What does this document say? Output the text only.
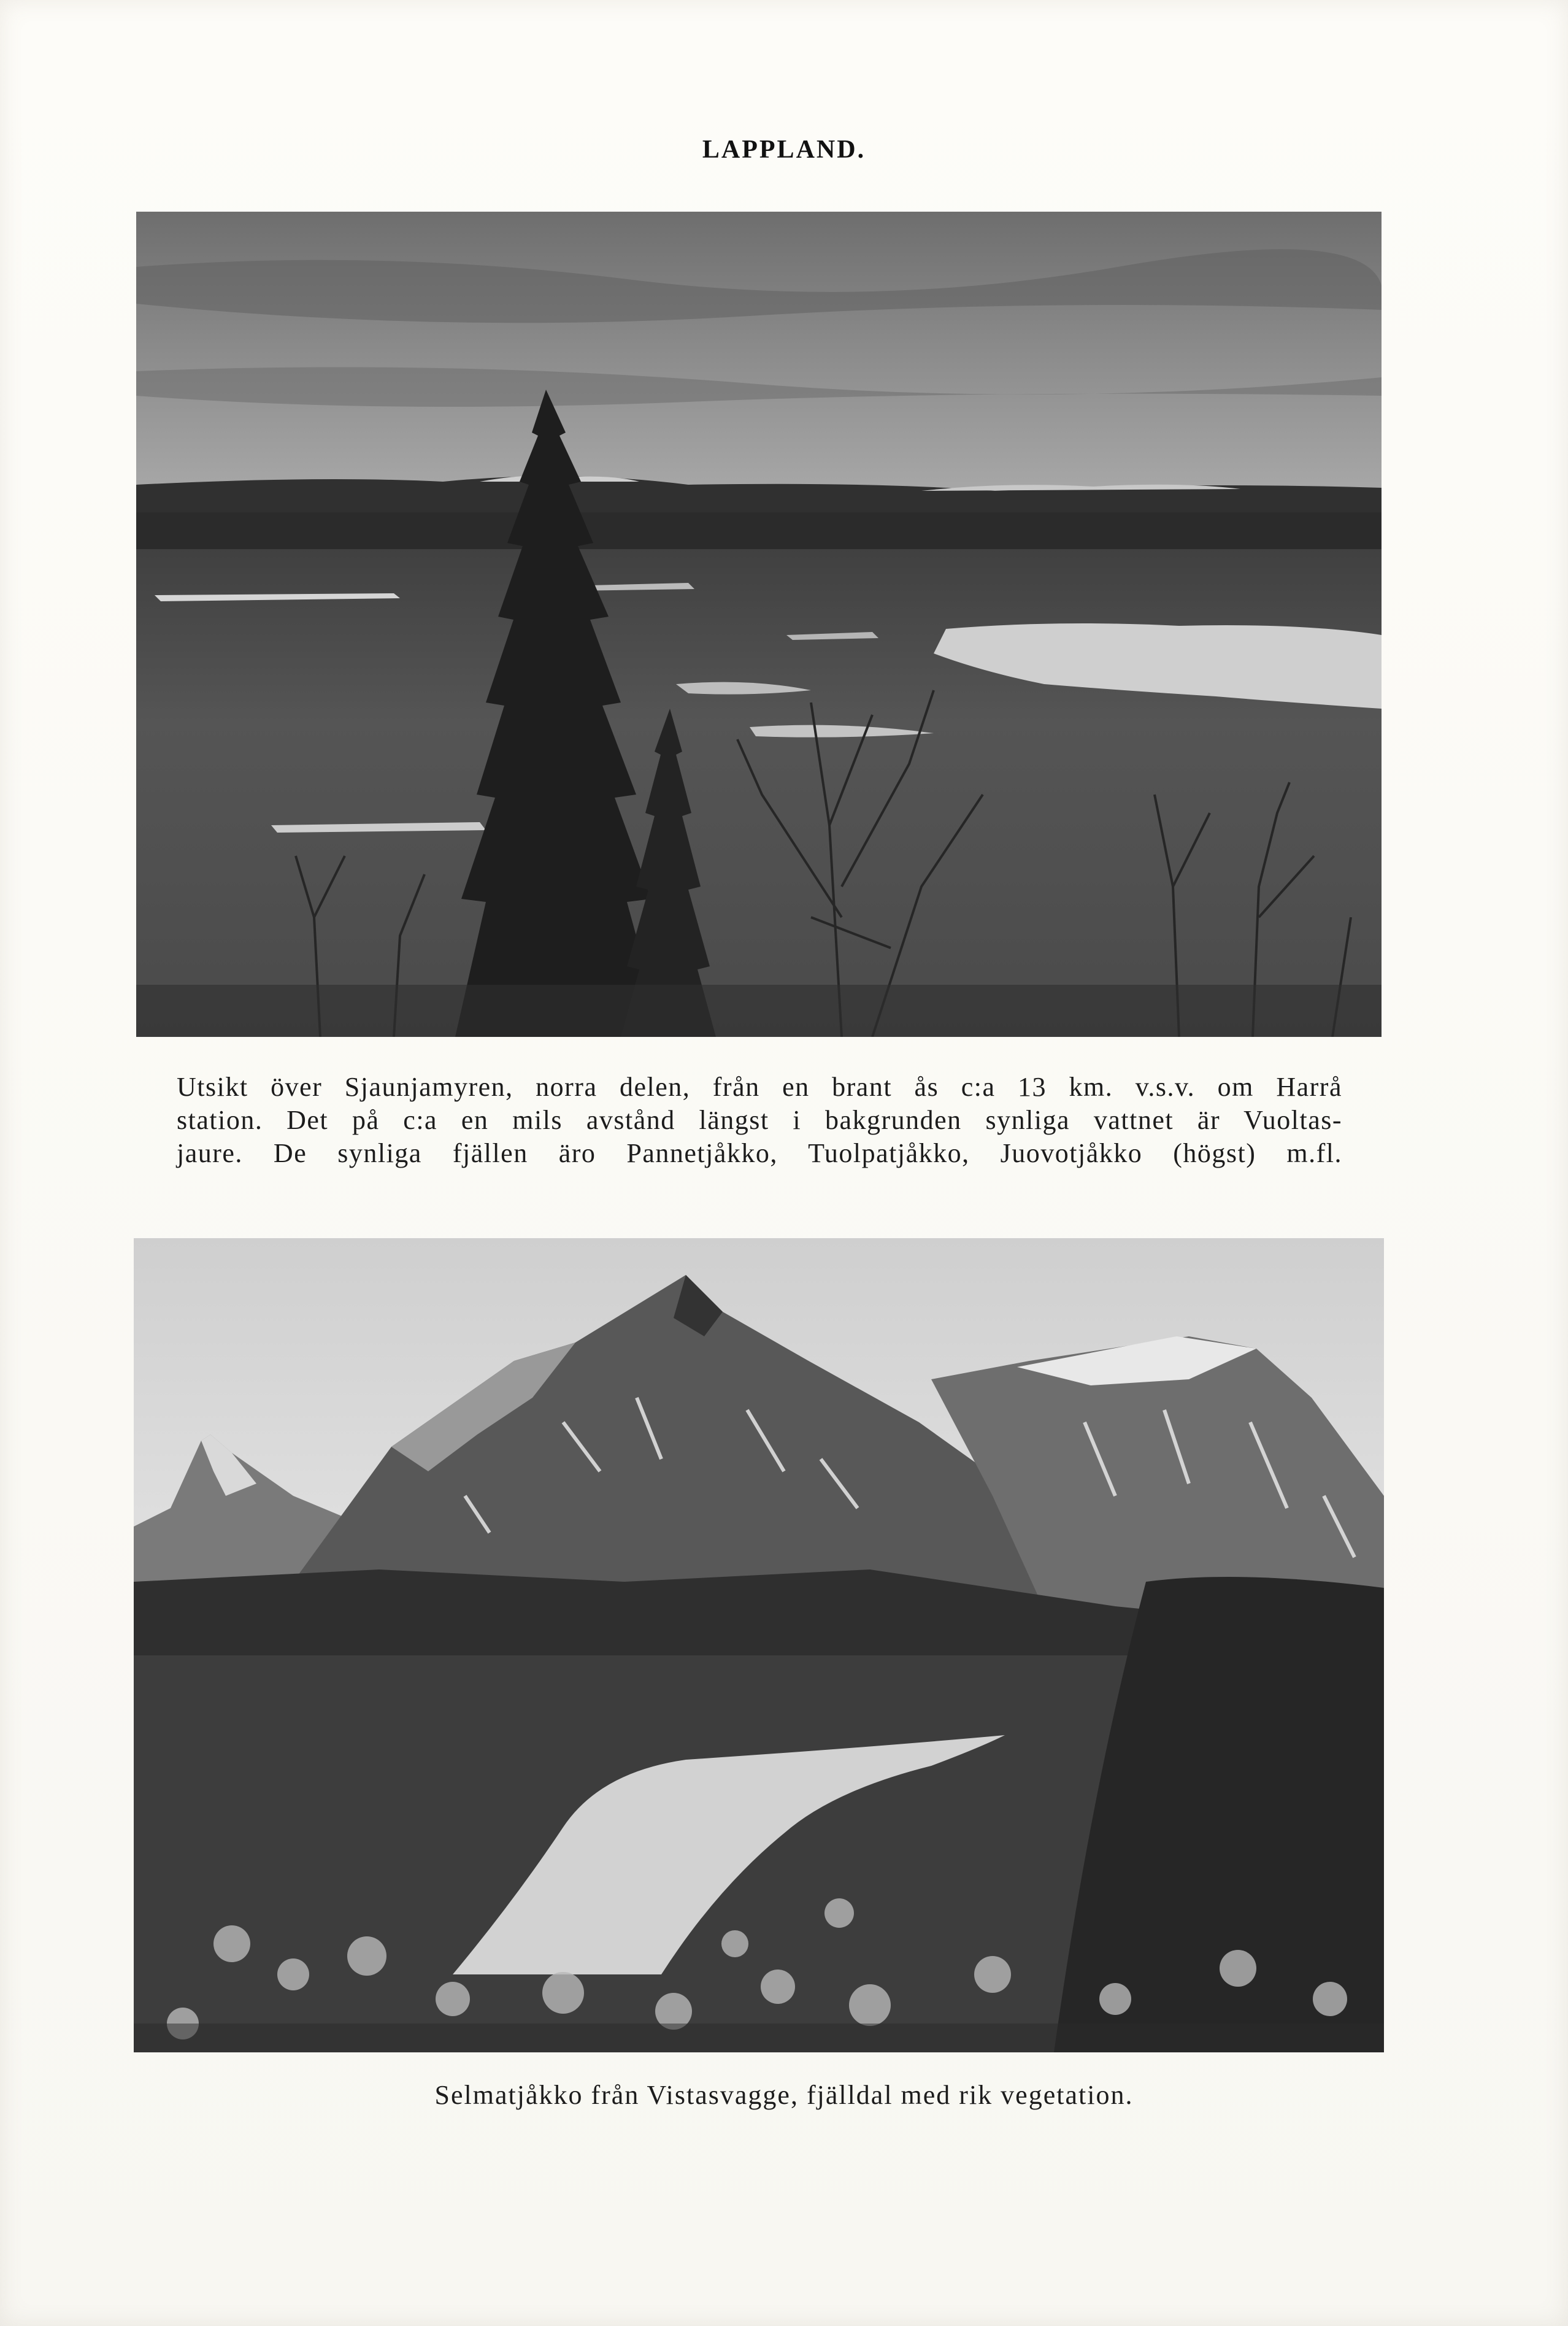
LAPPLAND.
Utsikt över Sjaunjamyren, norra delen, från en brant ås c:a 13 km. v.s.v. om Harrå
station. Det på c:a en mils avstånd längst i bakgrunden synliga vattnet är Vuoltas-
jaure. De synliga fjällen äro Pannetjåkko, Tuolpatjåkko, Juovotjåkko (högst) m.fl.
Selmatjåkko från Vistasvagge, fjälldal med rik vegetation.
